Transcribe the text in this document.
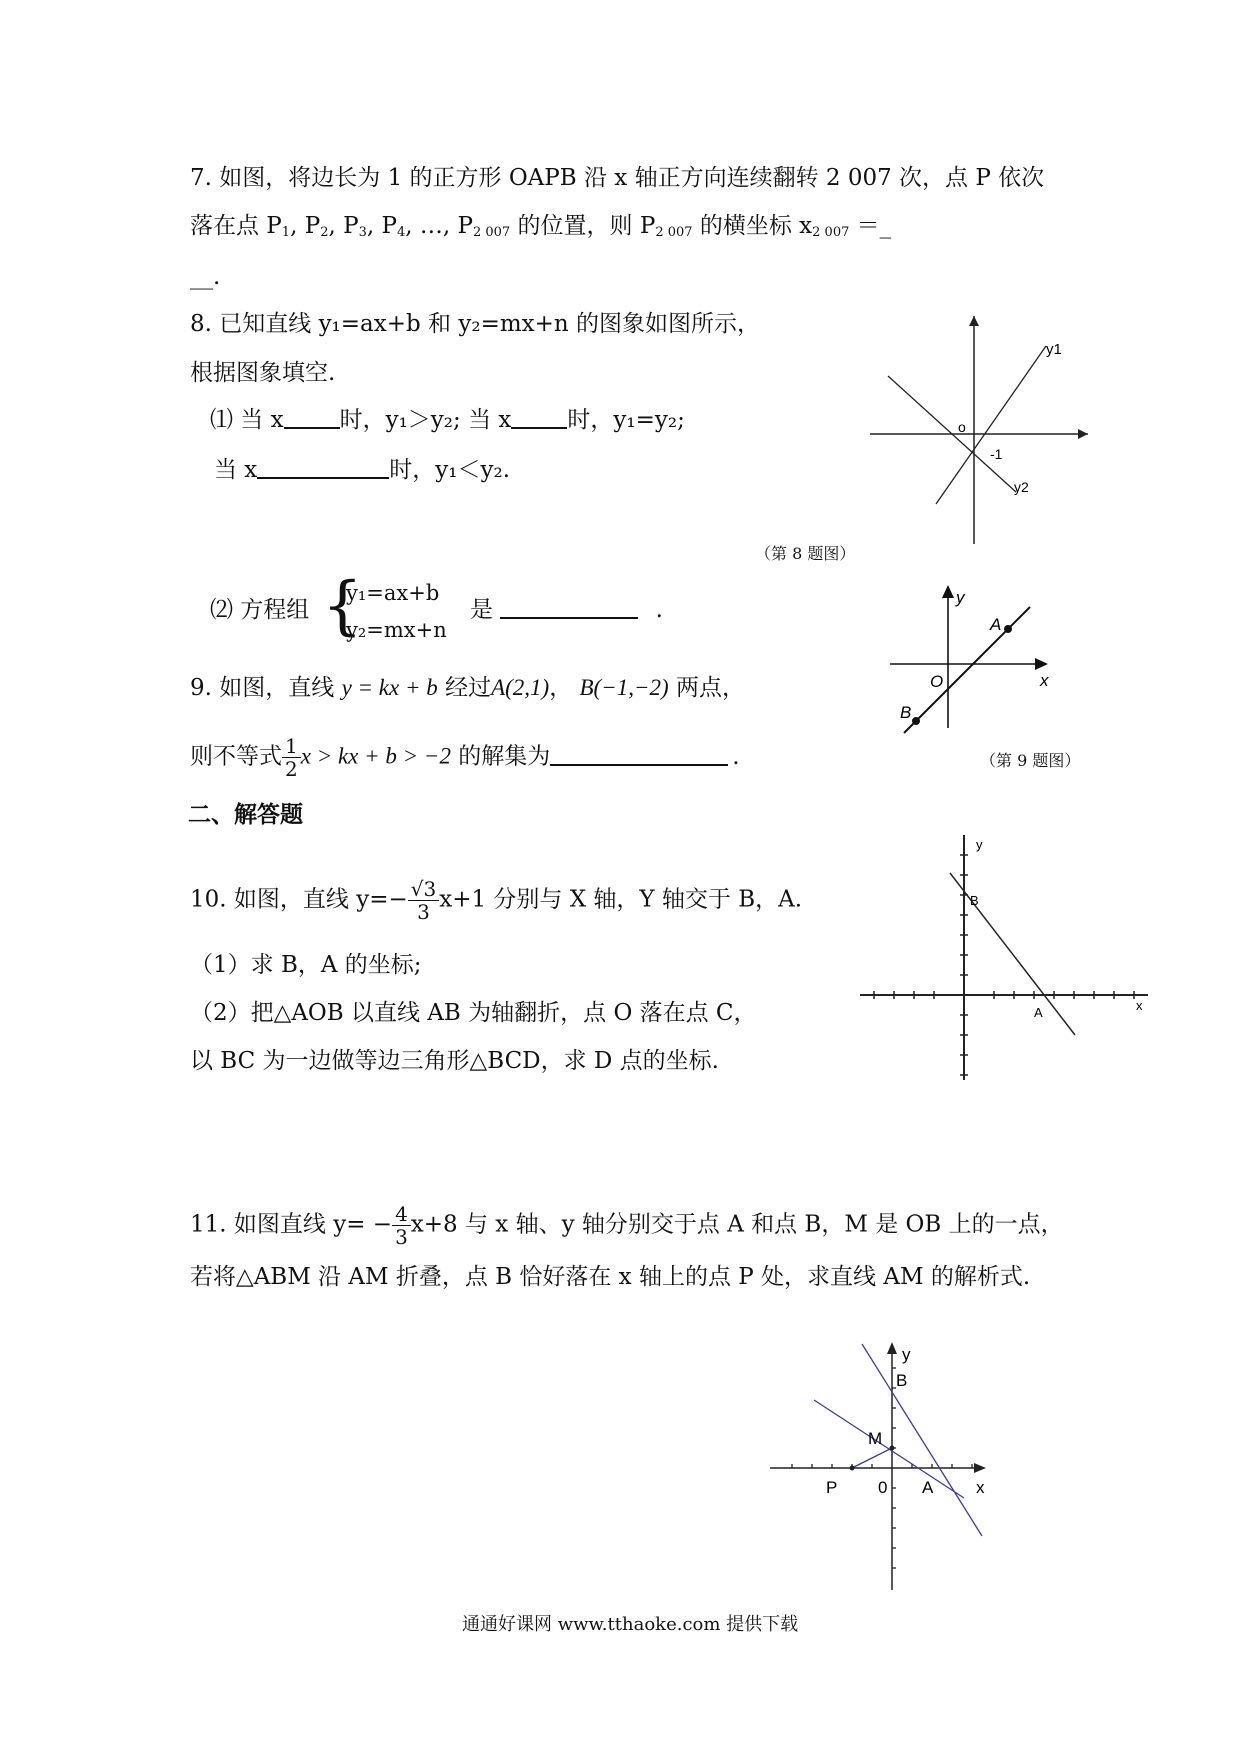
7. 如图，将边长为 1 的正方形 OAPB 沿 x 轴正方向连续翻转 2 007 次，点 P 依次
落在点 $P_1$, $P_2$, $P_3$, $P_4$, …, $P_{2 007}$ 的位置，则 $P_{2 007}$ 的横坐标 $x_{2 007}$ ＝_
__.
8. 已知直线 y₁=ax+b 和 y₂=mx+n 的图象如图所示，
根据图象填空.
⑴ 当 x 时，y₁＞y₂; 当 x 时，y₁=y₂;
当 x	时，y₁＜y₂.
⑵ 方程组 {
y₁=ax+b
y₂=mx+n
是	.
y1
y2
o
-1
（第 8 题图）
9. 如图，直线 y = kx + b 经过A(2,1)， B(−1,−2) 两点，
则不等式 $\frac{1}{2}$ x > kx + b > −2 的解集为	.
y
x
O
A
B
（第 9 题图）
二、解答题
10. 如图，直线 $y=- \frac{√3}{3} x+1$ 分别与 X 轴，Y 轴交于 B，A.
（1）求 B，A 的坐标;
（2）把△AOB 以直线 AB 为轴翻折，点 O 落在点 C，
以 BC 为一边做等边三角形△BCD，求 D 点的坐标.
y
x
B
A
11. 如图直线 $y= - \frac{4}{3} x+8$ 与 x 轴、y 轴分别交于点 A 和点 B，M 是 OB 上的一点，
若将△ABM 沿 AM 折叠，点 B 恰好落在 x 轴上的点 P 处，求直线 AM 的解析式.
y
x
B
M
P 0 A
通通好课网 www.tthaoke.com 提供下载
